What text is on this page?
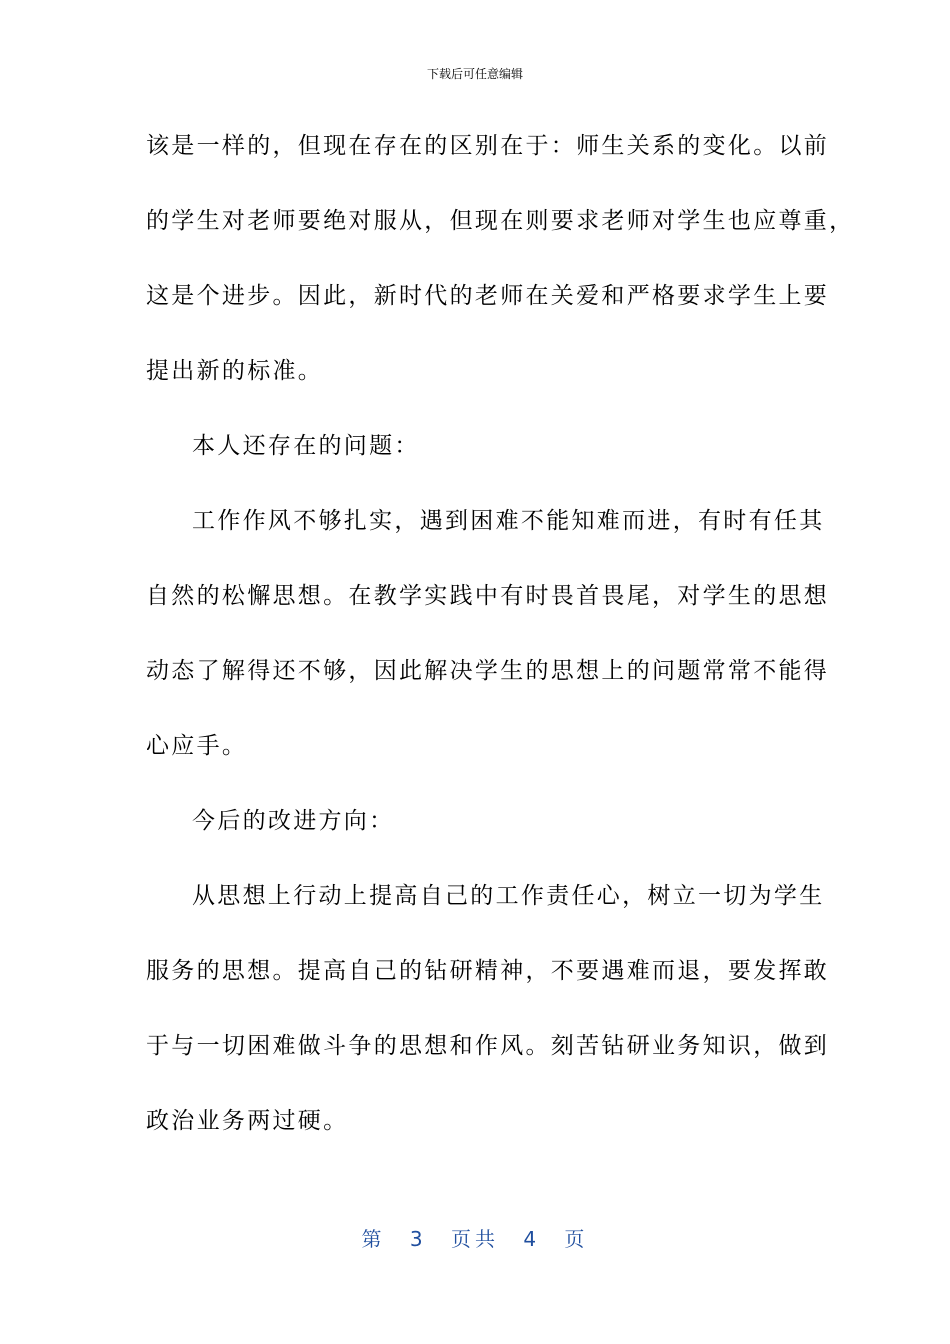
下载后可任意编辑
该是一样的，但现在存在的区别在于：师生关系的变化。以前
的学生对老师要绝对服从，但现在则要求老师对学生也应尊重，
这是个进步。因此，新时代的老师在关爱和严格要求学生上要
提出新的标准。
本人还存在的问题：
工作作风不够扎实，遇到困难不能知难而进，有时有任其
自然的松懈思想。在教学实践中有时畏首畏尾，对学生的思想
动态了解得还不够，因此解决学生的思想上的问题常常不能得
心应手。
今后的改进方向：
从思想上行动上提高自己的工作责任心，树立一切为学生
服务的思想。提高自己的钻研精神，不要遇难而退，要发挥敢
于与一切困难做斗争的思想和作风。刻苦钻研业务知识，做到
政治业务两过硬。
第 3 页共 4 页
